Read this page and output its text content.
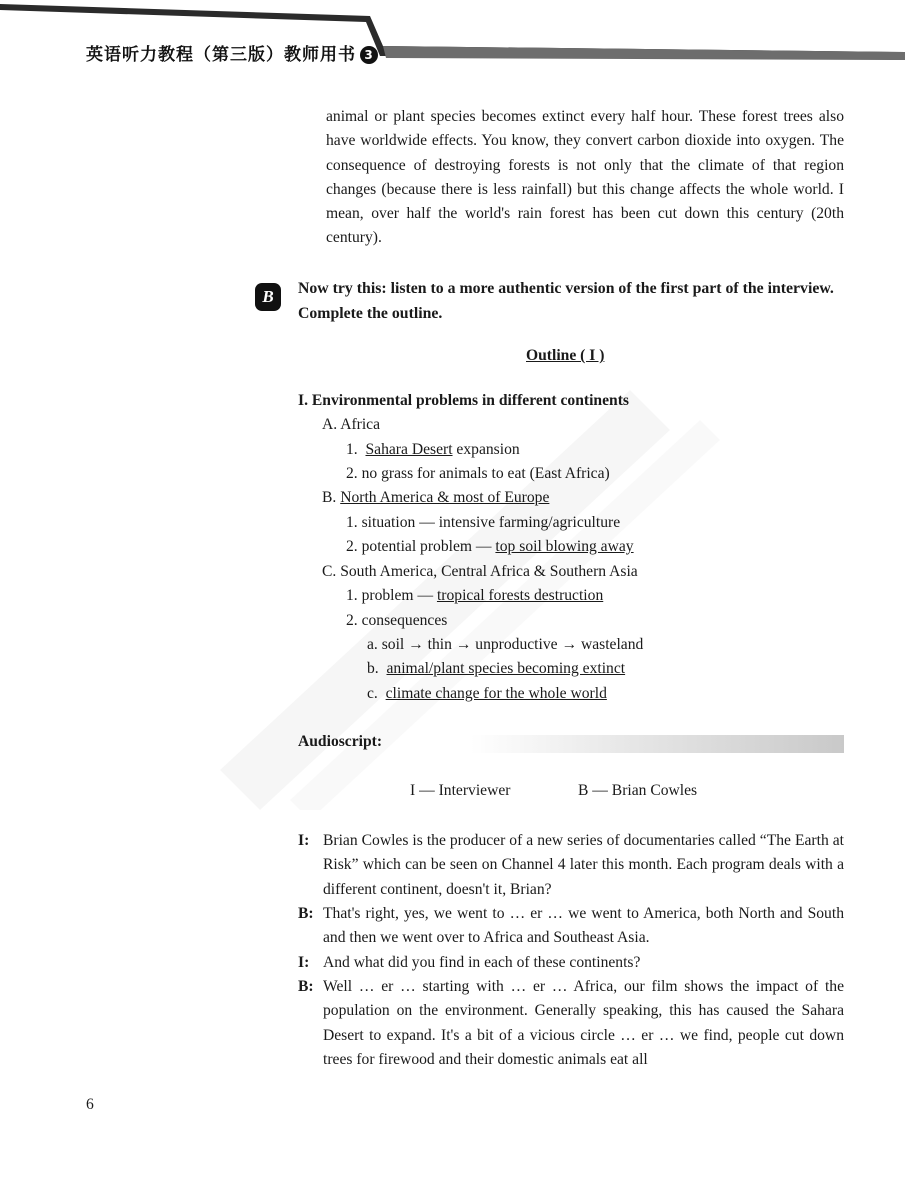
英语听力教程（第三版）教师用书 3

animal or plant species becomes extinct every half hour. These forest trees also have worldwide effects. You know, they convert carbon dioxide into oxygen. The consequence of destroying forests is not only that the climate of that region changes (because there is less rainfall) but this change affects the whole world. I mean, over half the world's rain forest has been cut down this century (20th century).

B	Now try this: listen to a more authentic version of the first part of the interview. Complete the outline.

Outline ( I )
I. Environmental problems in different continents
A. Africa
1. Sahara Desert expansion
2. no grass for animals to eat (East Africa)
B. North America & most of Europe
1. situation — intensive farming/agriculture
2. potential problem — top soil blowing away
C. South America, Central Africa & Southern Asia
1. problem — tropical forests destruction
2. consequences
a. soil → thin → unproductive → wasteland
b. animal/plant species becoming extinct
c. climate change for the whole world
Audioscript:
I — Interviewer	B — Brian Cowles
I: Brian Cowles is the producer of a new series of documentaries called “The Earth at Risk” which can be seen on Channel 4 later this month. Each program deals with a different continent, doesn't it, Brian?
B: That's right, yes, we went to … er … we went to America, both North and South and then we went over to Africa and Southeast Asia.
I: And what did you find in each of these continents?
B: Well … er … starting with … er … Africa, our film shows the impact of the population on the environment. Generally speaking, this has caused the Sahara Desert to expand. It's a bit of a vicious circle … er … we find, people cut down trees for firewood and their domestic animals eat all
6
